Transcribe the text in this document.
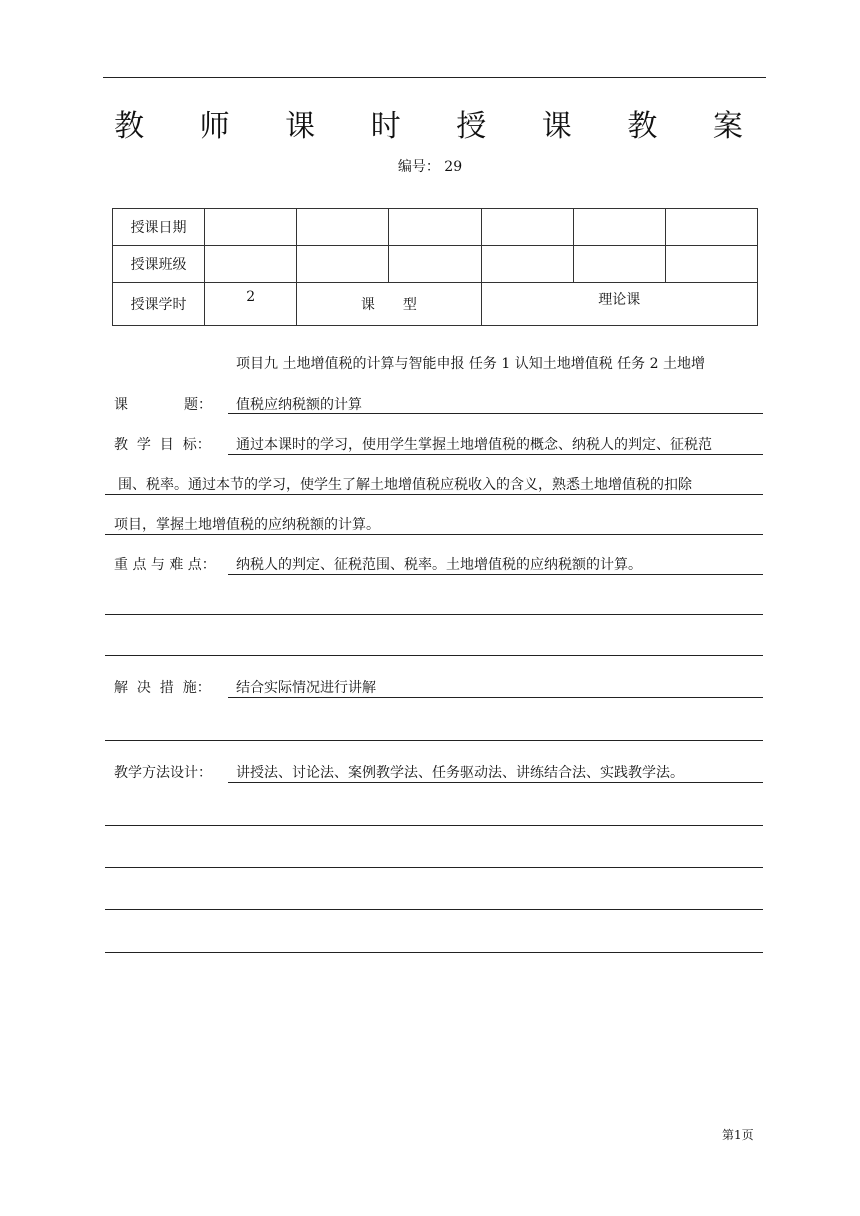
教 师 课 时 授 课 教 案
编号： 29
授课日期						
授课班级						
授课学时	2	课　　型		理论课		
项目九 土地增值税的计算与智能申报 任务 1 认知土地增值税 任务 2 土地增
课　　　　题： 值税应纳税额的计算
教  学  目  标： 通过本课时的学习，使用学生掌握土地增值税的概念、纳税人的判定、征税范
围、税率。通过本节的学习，使学生了解土地增值税应税收入的含义，熟悉土地增值税的扣除
项目，掌握土地增值税的应纳税额的计算。
重 点 与 难 点： 纳税人的判定、征税范围、税率。土地增值税的应纳税额的计算。
解  决  措  施： 结合实际情况进行讲解
教学方法设计： 讲授法、讨论法、案例教学法、任务驱动法、讲练结合法、实践教学法。
第1页
